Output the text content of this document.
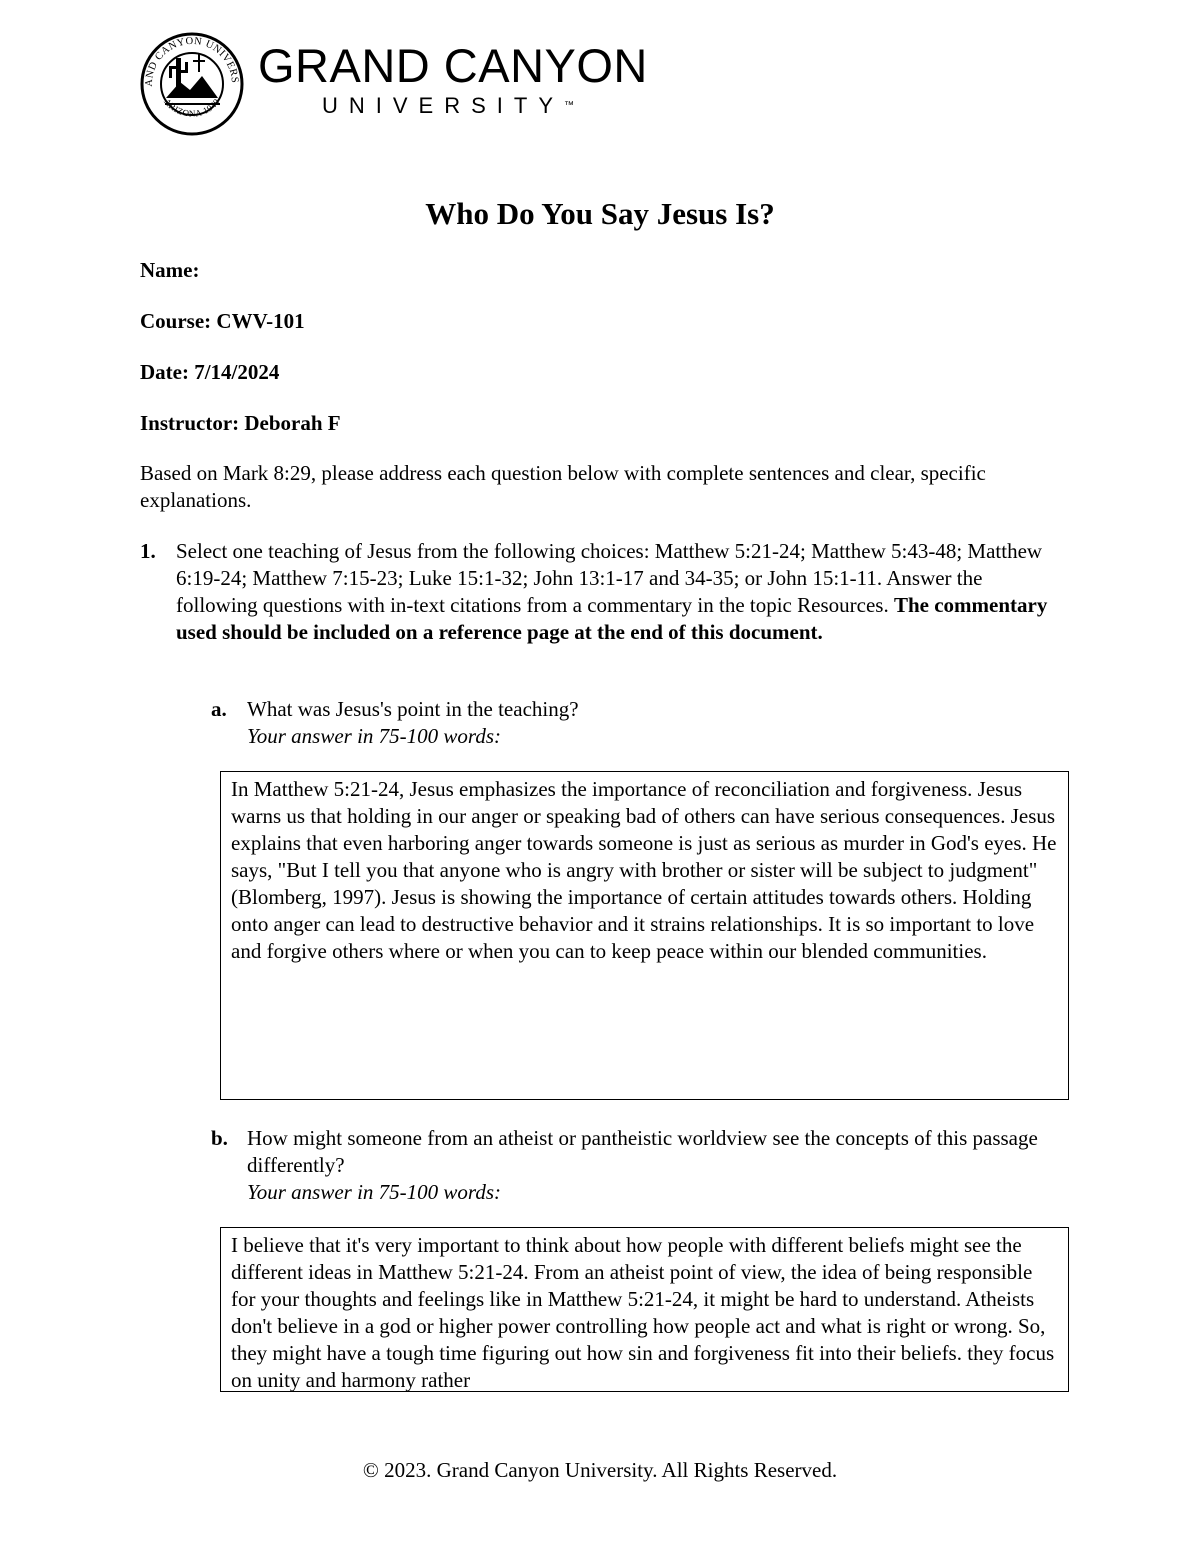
AND CANYON UNIVERS
ARIZONA 1949
GRAND CANYON
UNIVERSITY™
Who Do You Say Jesus Is?
Name:
Course: CWV-101
Date: 7/14/2024
Instructor: Deborah F
Based on Mark 8:29, please address each question below with complete sentences and clear, specific explanations.
1. Select one teaching of Jesus from the following choices: Matthew 5:21-24; Matthew 5:43-48; Matthew 6:19-24; Matthew 7:15-23; Luke 15:1-32; John 13:1-17 and 34-35; or John 15:1-11. Answer the following questions with in-text citations from a commentary in the topic Resources. The commentary used should be included on a reference page at the end of this document.
a. What was Jesus's point in the teaching?
Your answer in 75-100 words:
In Matthew 5:21-24, Jesus emphasizes the importance of reconciliation and forgiveness. Jesus warns us that holding in our anger or speaking bad of others can have serious consequences. Jesus explains that even harboring anger towards someone is just as serious as murder in God's eyes. He says, "But I tell you that anyone who is angry with brother or sister will be subject to judgment" (Blomberg, 1997). Jesus is showing the importance of certain attitudes towards others. Holding onto anger can lead to destructive behavior and it strains relationships. It is so important to love and forgive others where or when you can to keep peace within our blended communities.
b. How might someone from an atheist or pantheistic worldview see the concepts of this passage differently?
Your answer in 75-100 words:
I believe that it's very important to think about how people with different beliefs might see the different ideas in Matthew 5:21-24. From an atheist point of view, the idea of being responsible for your thoughts and feelings like in Matthew 5:21-24, it might be hard to understand. Atheists don't believe in a god or higher power controlling how people act and what is right or wrong. So, they might have a tough time figuring out how sin and forgiveness fit into their beliefs. they focus on unity and harmony rather
© 2023. Grand Canyon University. All Rights Reserved.
